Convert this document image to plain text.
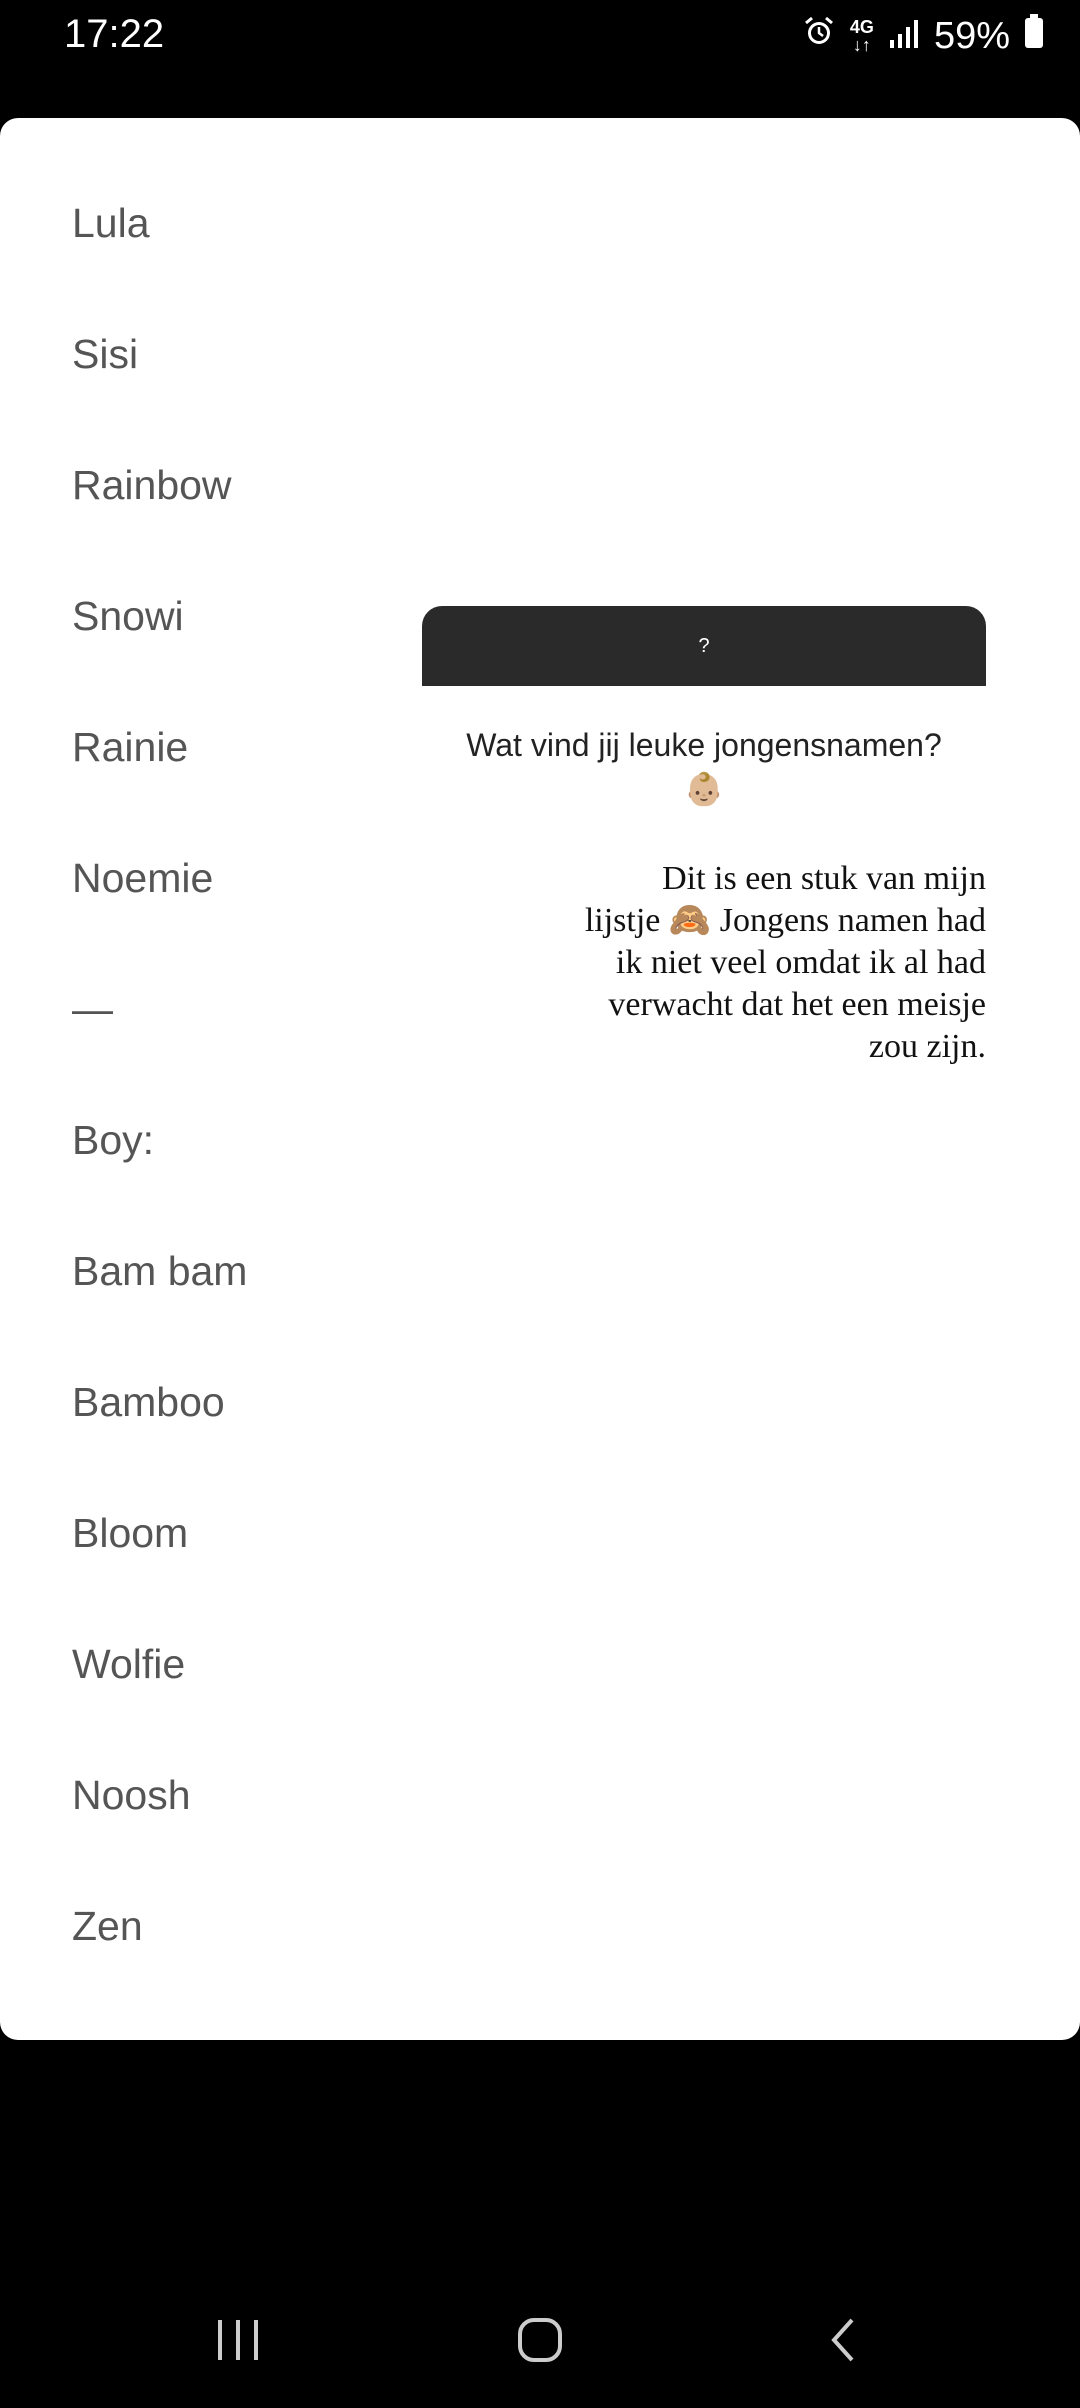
17:22	4G
↓↑ 59%
Lula
Sisi
Rainbow
Snowi
Rainie
Noemie
—
Boy:
Bam bam
Bamboo
Bloom
Wolfie
Noosh
Zen
?
Wat vind jij leuke jongensnamen?
👶🏼
Dit is een stuk van mijn
lijstje 🙈 Jongens namen had
ik niet veel omdat ik al had
verwacht dat het een meisje
zou zijn.
